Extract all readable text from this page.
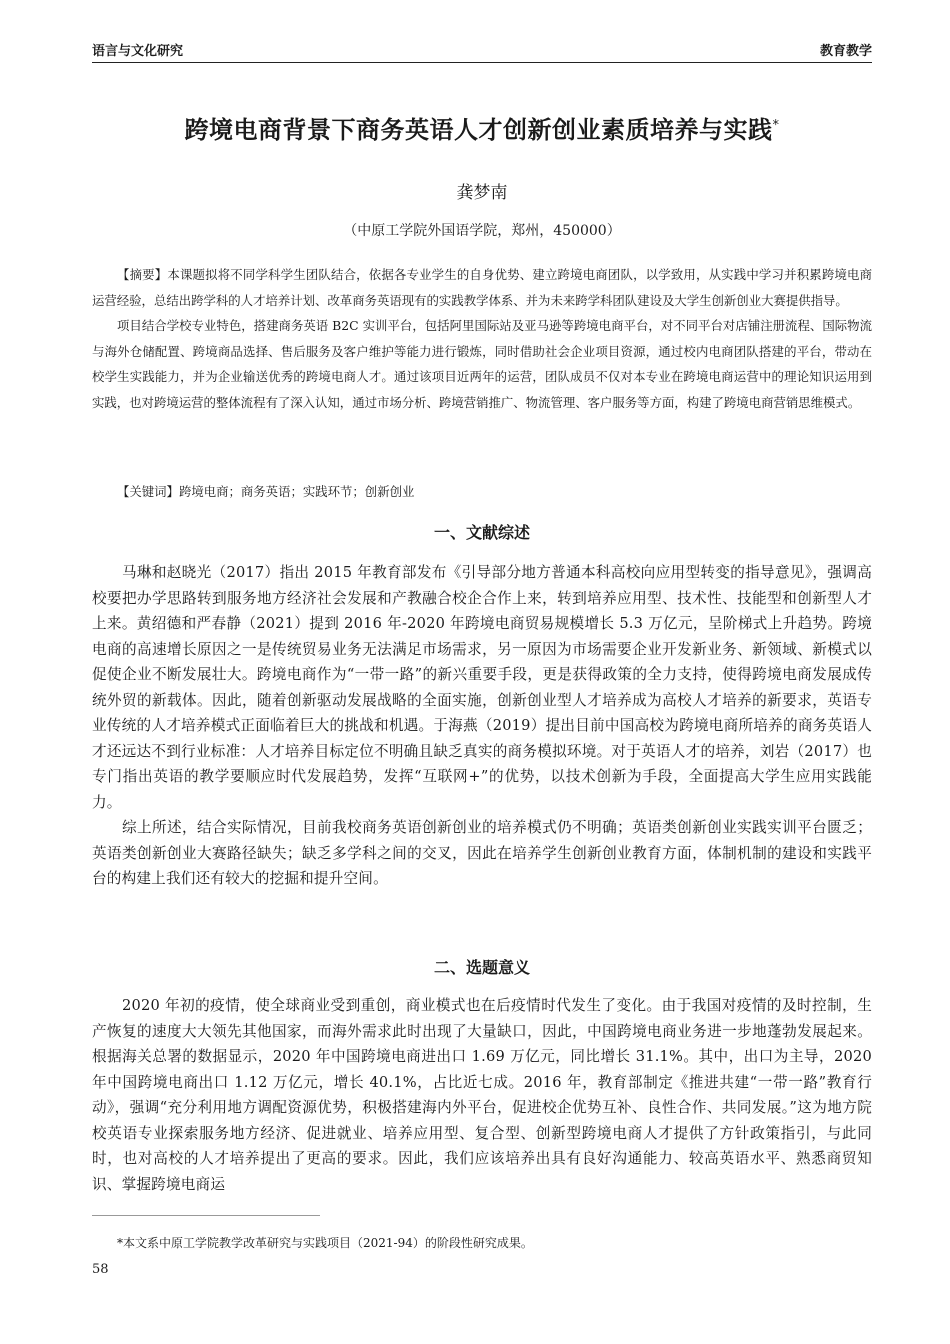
语言与文化研究	教育教学
跨境电商背景下商务英语人才创新创业素质培养与实践*
龚梦南
（中原工学院外国语学院，郑州，450000）

【摘要】本课题拟将不同学科学生团队结合，依据各专业学生的自身优势、建立跨境电商团队，以学致用，从实践中学习并积累跨境电商运营经验，总结出跨学科的人才培养计划、改革商务英语现有的实践教学体系、并为未来跨学科团队建设及大学生创新创业大赛提供指导。

项目结合学校专业特色，搭建商务英语 B2C 实训平台，包括阿里国际站及亚马逊等跨境电商平台，对不同平台对店铺注册流程、国际物流与海外仓储配置、跨境商品选择、售后服务及客户维护等能力进行锻炼，同时借助社会企业项目资源，通过校内电商团队搭建的平台，带动在校学生实践能力，并为企业输送优秀的跨境电商人才。通过该项目近两年的运营，团队成员不仅对本专业在跨境电商运营中的理论知识运用到实践，也对跨境运营的整体流程有了深入认知，通过市场分析、跨境营销推广、物流管理、客户服务等方面，构建了跨境电商营销思维模式。

【关键词】跨境电商；商务英语；实践环节；创新创业
一、文献综述

马琳和赵晓光（2017）指出 2015 年教育部发布《引导部分地方普通本科高校向应用型转变的指导意见》，强调高校要把办学思路转到服务地方经济社会发展和产教融合校企合作上来，转到培养应用型、技术性、技能型和创新型人才上来。黄绍德和严春静（2021）提到 2016 年-2020 年跨境电商贸易规模增长 5.3 万亿元，呈阶梯式上升趋势。跨境电商的高速增长原因之一是传统贸易业务无法满足市场需求，另一原因为市场需要企业开发新业务、新领域、新模式以促使企业不断发展壮大。跨境电商作为“一带一路”的新兴重要手段，更是获得政策的全力支持，使得跨境电商发展成传统外贸的新载体。因此，随着创新驱动发展战略的全面实施，创新创业型人才培养成为高校人才培养的新要求，英语专业传统的人才培养模式正面临着巨大的挑战和机遇。于海燕（2019）提出目前中国高校为跨境电商所培养的商务英语人才还远达不到行业标准：人才培养目标定位不明确且缺乏真实的商务模拟环境。对于英语人才的培养，刘岩（2017）也专门指出英语的教学要顺应时代发展趋势，发挥“互联网+”的优势，以技术创新为手段，全面提高大学生应用实践能力。

综上所述，结合实际情况，目前我校商务英语创新创业的培养模式仍不明确；英语类创新创业实践实训平台匮乏；英语类创新创业大赛路径缺失；缺乏多学科之间的交叉，因此在培养学生创新创业教育方面，体制机制的建设和实践平台的构建上我们还有较大的挖掘和提升空间。

二、选题意义

2020 年初的疫情，使全球商业受到重创，商业模式也在后疫情时代发生了变化。由于我国对疫情的及时控制，生产恢复的速度大大领先其他国家，而海外需求此时出现了大量缺口，因此，中国跨境电商业务进一步地蓬勃发展起来。根据海关总署的数据显示，2020 年中国跨境电商进出口 1.69 万亿元，同比增长 31.1%。其中，出口为主导，2020 年中国跨境电商出口 1.12 万亿元，增长 40.1%，占比近七成。2016 年，教育部制定《推进共建“一带一路”教育行动》，强调“充分利用地方调配资源优势，积极搭建海内外平台，促进校企优势互补、良性合作、共同发展。”这为地方院校英语专业探索服务地方经济、促进就业、培养应用型、复合型、创新型跨境电商人才提供了方针政策指引，与此同时，也对高校的人才培养提出了更高的要求。因此，我们应该培养出具有良好沟通能力、较高英语水平、熟悉商贸知识、掌握跨境电商运

*本文系中原工学院教学改革研究与实践项目（2021-94）的阶段性研究成果。
58
